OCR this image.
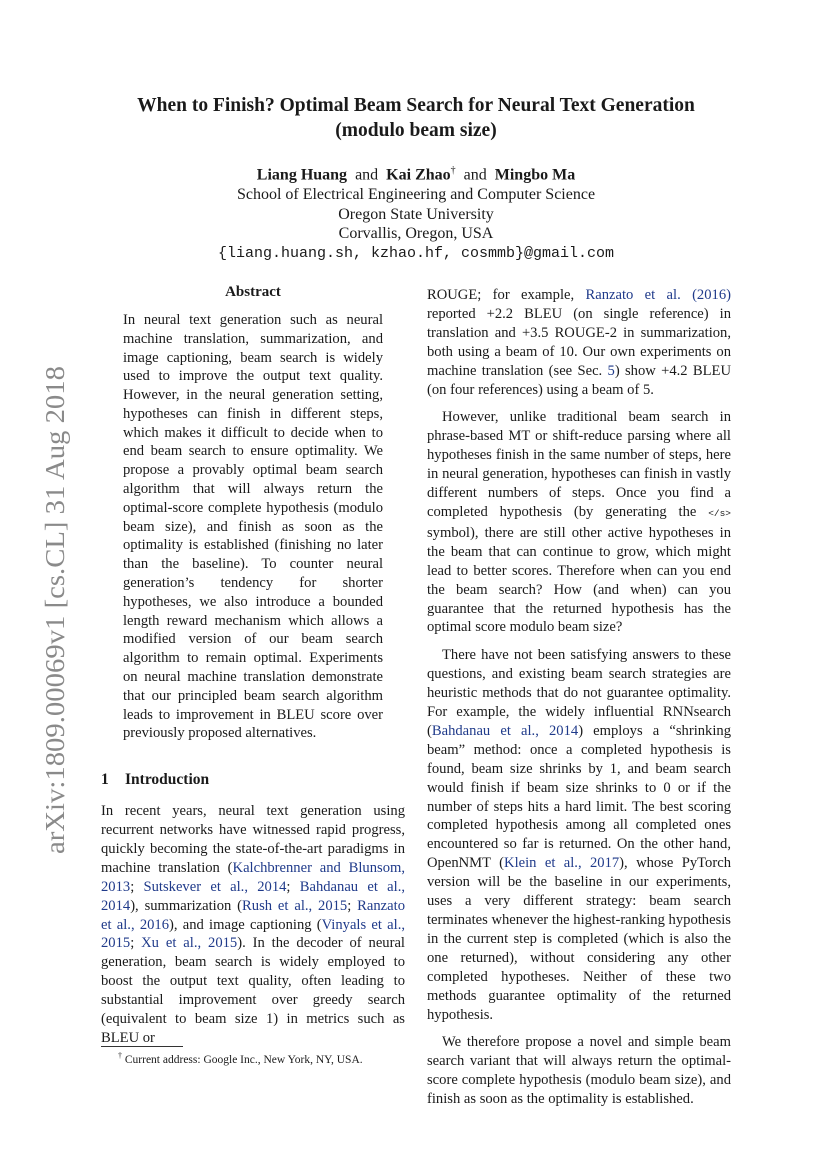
arXiv:1809.00069v1 [cs.CL] 31 Aug 2018
When to Finish? Optimal Beam Search for Neural Text Generation
(modulo beam size)
Liang Huang and Kai Zhao† and Mingbo Ma
School of Electrical Engineering and Computer Science
Oregon State University
Corvallis, Oregon, USA
{liang.huang.sh, kzhao.hf, cosmmb}@gmail.com
Abstract

In neural text generation such as neural machine translation, summarization, and image captioning, beam search is widely used to improve the output text quality. However, in the neural generation setting, hypotheses can finish in different steps, which makes it difficult to decide when to end beam search to ensure optimality. We propose a provably optimal beam search algorithm that will always return the optimal-score complete hypothesis (modulo beam size), and finish as soon as the optimality is established (finishing no later than the baseline). To counter neural generation’s tendency for shorter hypotheses, we also introduce a bounded length reward mechanism which allows a modified version of our beam search algorithm to remain optimal. Experiments on neural machine translation demonstrate that our principled beam search algorithm leads to improvement in BLEU score over previously proposed alternatives.

1 Introduction

In recent years, neural text generation using recurrent networks have witnessed rapid progress, quickly becoming the state-of-the-art paradigms in machine translation (Kalchbrenner and Blunsom, 2013; Sutskever et al., 2014; Bahdanau et al., 2014), summarization (Rush et al., 2015; Ranzato et al., 2016), and image captioning (Vinyals et al., 2015; Xu et al., 2015). In the decoder of neural generation, beam search is widely employed to boost the output text quality, often leading to substantial improvement over greedy search (equivalent to beam size 1) in metrics such as BLEU or

ROUGE; for example, Ranzato et al. (2016) reported +2.2 BLEU (on single reference) in translation and +3.5 ROUGE-2 in summarization, both using a beam of 10. Our own experiments on machine translation (see Sec. 5) show +4.2 BLEU (on four references) using a beam of 5.

However, unlike traditional beam search in phrase-based MT or shift-reduce parsing where all hypotheses finish in the same number of steps, here in neural generation, hypotheses can finish in vastly different numbers of steps. Once you find a completed hypothesis (by generating the </s> symbol), there are still other active hypotheses in the beam that can continue to grow, which might lead to better scores. Therefore when can you end the beam search? How (and when) can you guarantee that the returned hypothesis has the optimal score modulo beam size?

There have not been satisfying answers to these questions, and existing beam search strategies are heuristic methods that do not guarantee optimality. For example, the widely influential RNNsearch (Bahdanau et al., 2014) employs a “shrinking beam” method: once a completed hypothesis is found, beam size shrinks by 1, and beam search would finish if beam size shrinks to 0 or if the number of steps hits a hard limit. The best scoring completed hypothesis among all completed ones encountered so far is returned. On the other hand, OpenNMT (Klein et al., 2017), whose PyTorch version will be the baseline in our experiments, uses a very different strategy: beam search terminates whenever the highest-ranking hypothesis in the current step is completed (which is also the one returned), without considering any other completed hypotheses. Neither of these two methods guarantee optimality of the returned hypothesis.

We therefore propose a novel and simple beam search variant that will always return the optimal-score complete hypothesis (modulo beam size), and finish as soon as the optimality is established.

† Current address: Google Inc., New York, NY, USA.
